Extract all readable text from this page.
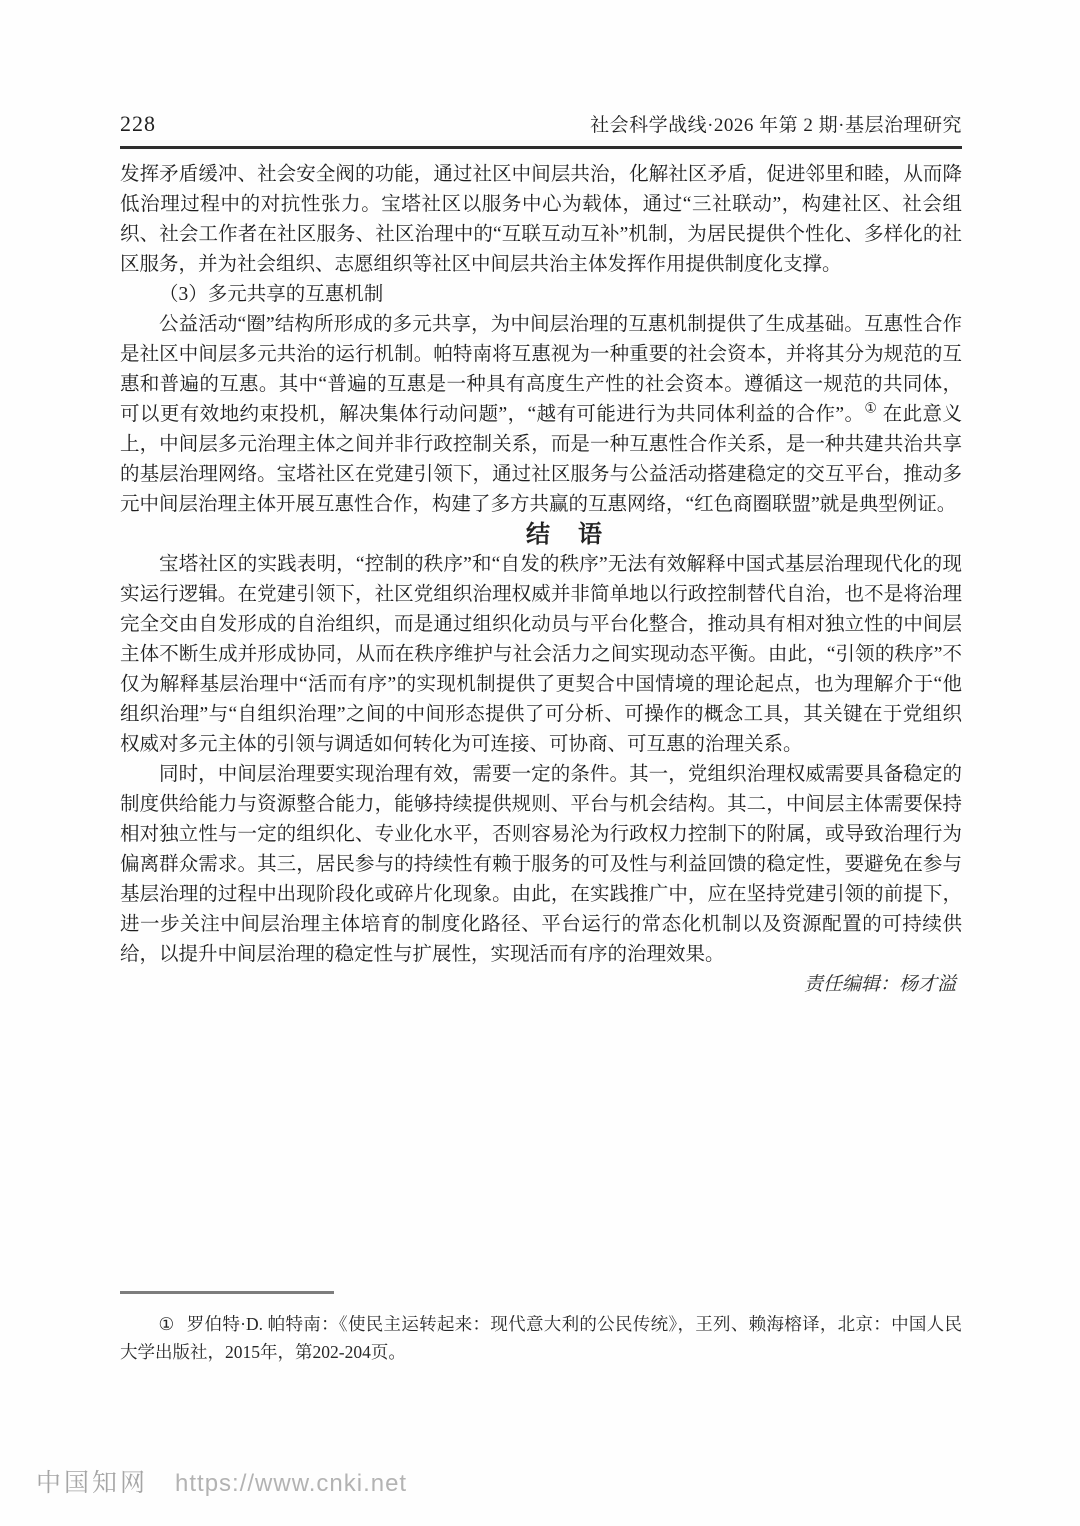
228	社会科学战线·2026 年第 2 期·基层治理研究

发挥矛盾缓冲、社会安全阀的功能，通过社区中间层共治，化解社区矛盾，促进邻里和睦，从而降低治理过程中的对抗性张力。宝塔社区以服务中心为载体，通过“三社联动”，构建社区、社会组织、社会工作者在社区服务、社区治理中的“互联互动互补”机制，为居民提供个性化、多样化的社区服务，并为社会组织、志愿组织等社区中间层共治主体发挥作用提供制度化支撑。

（3）多元共享的互惠机制

公益活动“圈”结构所形成的多元共享，为中间层治理的互惠机制提供了生成基础。互惠性合作是社区中间层多元共治的运行机制。帕特南将互惠视为一种重要的社会资本，并将其分为规范的互惠和普遍的互惠。其中“普遍的互惠是一种具有高度生产性的社会资本。遵循这一规范的共同体，可以更有效地约束投机，解决集体行动问题”，“越有可能进行为共同体利益的合作”。① 在此意义上，中间层多元治理主体之间并非行政控制关系，而是一种互惠性合作关系，是一种共建共治共享的基层治理网络。宝塔社区在党建引领下，通过社区服务与公益活动搭建稳定的交互平台，推动多元中间层治理主体开展互惠性合作，构建了多方共赢的互惠网络，“红色商圈联盟”就是典型例证。

结　语

宝塔社区的实践表明，“控制的秩序”和“自发的秩序”无法有效解释中国式基层治理现代化的现实运行逻辑。在党建引领下，社区党组织治理权威并非简单地以行政控制替代自治，也不是将治理完全交由自发形成的自治组织，而是通过组织化动员与平台化整合，推动具有相对独立性的中间层主体不断生成并形成协同，从而在秩序维护与社会活力之间实现动态平衡。由此，“引领的秩序”不仅为解释基层治理中“活而有序”的实现机制提供了更契合中国情境的理论起点，也为理解介于“他组织治理”与“自组织治理”之间的中间形态提供了可分析、可操作的概念工具，其关键在于党组织权威对多元主体的引领与调适如何转化为可连接、可协商、可互惠的治理关系。

同时，中间层治理要实现治理有效，需要一定的条件。其一，党组织治理权威需要具备稳定的制度供给能力与资源整合能力，能够持续提供规则、平台与机会结构。其二，中间层主体需要保持相对独立性与一定的组织化、专业化水平，否则容易沦为行政权力控制下的附属，或导致治理行为偏离群众需求。其三，居民参与的持续性有赖于服务的可及性与利益回馈的稳定性，要避免在参与基层治理的过程中出现阶段化或碎片化现象。由此，在实践推广中，应在坚持党建引领的前提下，进一步关注中间层治理主体培育的制度化路径、平台运行的常态化机制以及资源配置的可持续供给，以提升中间层治理的稳定性与扩展性，实现活而有序的治理效果。

责任编辑：杨才溢

① 罗伯特·D. 帕特南：《使民主运转起来：现代意大利的公民传统》，王列、赖海榕译，北京：中国人民大学出版社，2015年，第202-204页。

中国知网 https://www.cnki.net
